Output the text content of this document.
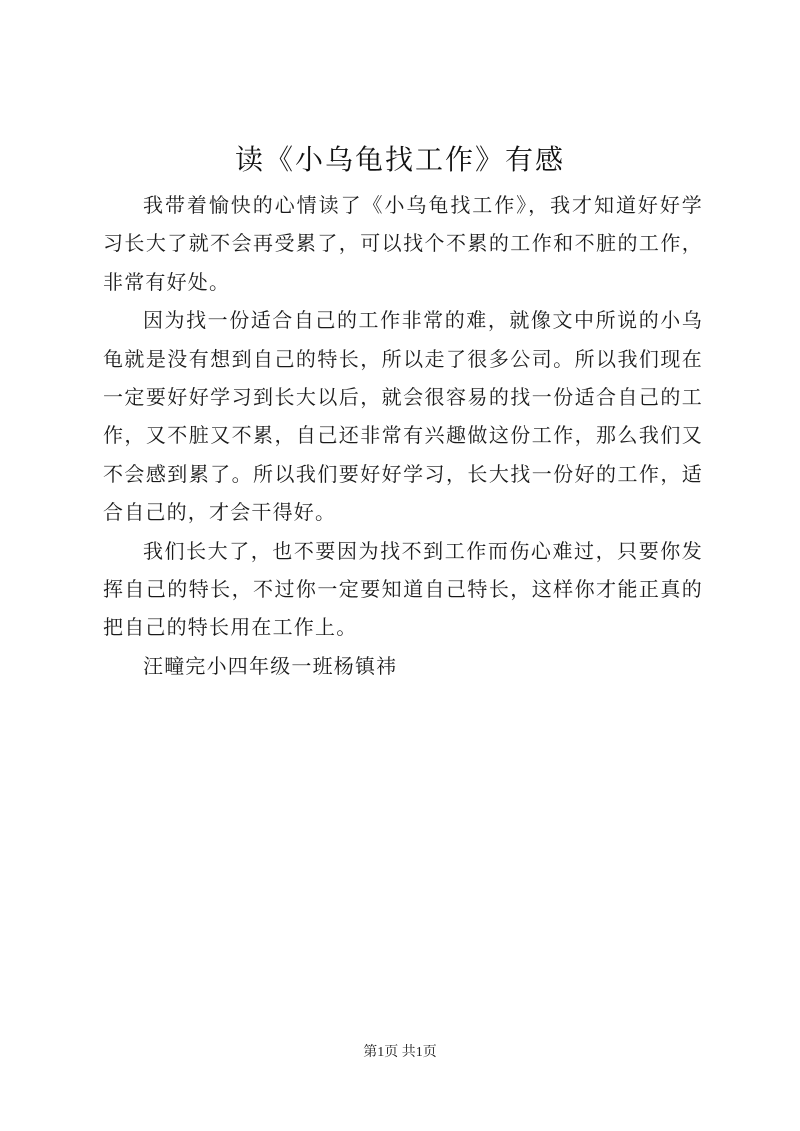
读《小乌龟找工作》有感

我带着愉快的心情读了《小乌龟找工作》，我才知道好好学习长大了就不会再受累了，可以找个不累的工作和不脏的工作，非常有好处。

因为找一份适合自己的工作非常的难，就像文中所说的小乌龟就是没有想到自己的特长，所以走了很多公司。所以我们现在一定要好好学习到长大以后，就会很容易的找一份适合自己的工作，又不脏又不累，自己还非常有兴趣做这份工作，那么我们又不会感到累了。所以我们要好好学习，长大找一份好的工作，适合自己的，才会干得好。

我们长大了，也不要因为找不到工作而伤心难过，只要你发挥自己的特长，不过你一定要知道自己特长，这样你才能正真的把自己的特长用在工作上。

汪疃完小四年级一班杨镇祎

第1页 共1页
